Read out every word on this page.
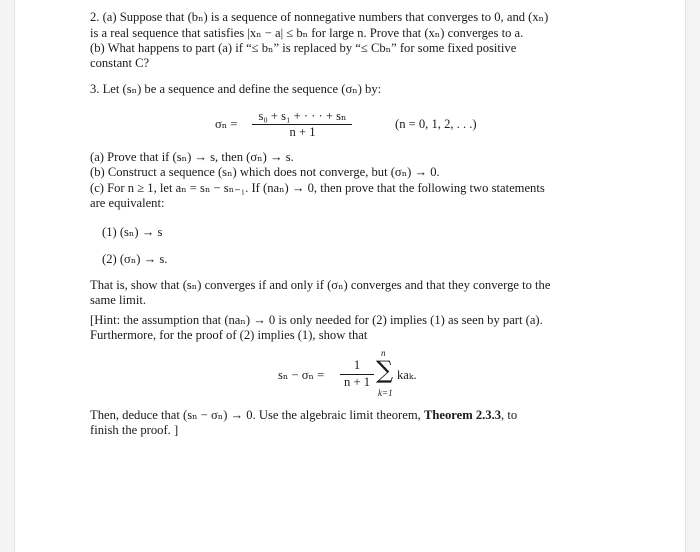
2. (a) Suppose that (bₙ) is a sequence of nonnegative numbers that converges to 0, and (xₙ)
is a real sequence that satisfies |xₙ − a| ≤ bₙ for large n. Prove that (xₙ) converges to a.
(b) What happens to part (a) if “≤ bₙ” is replaced by “≤ Cbₙ” for some fixed positive
constant C?
3. Let (sₙ) be a sequence and define the sequence (σₙ) by:
σₙ =
s₀ + s₁ + · · · + sₙ
n + 1
(n = 0, 1, 2, . . .)
(a) Prove that if (sₙ) → s, then (σₙ) → s.
(b) Construct a sequence (sₙ) which does not converge, but (σₙ) → 0.
(c) For n ≥ 1, let aₙ = sₙ − sₙ₋₁. If (naₙ) → 0, then prove that the following two statements
are equivalent:
(1) (sₙ) → s
(2) (σₙ) → s.
That is, show that (sₙ) converges if and only if (σₙ) converges and that they converge to the
same limit.
[Hint: the assumption that (naₙ) → 0 is only needed for (2) implies (1) as seen by part (a).
Furthermore, for the proof of (2) implies (1), show that
sₙ − σₙ =
1
n + 1
n
∑
k=1
kaₖ.
Then, deduce that (sₙ − σₙ) → 0. Use the algebraic limit theorem, Theorem 2.3.3, to
finish the proof. ]
